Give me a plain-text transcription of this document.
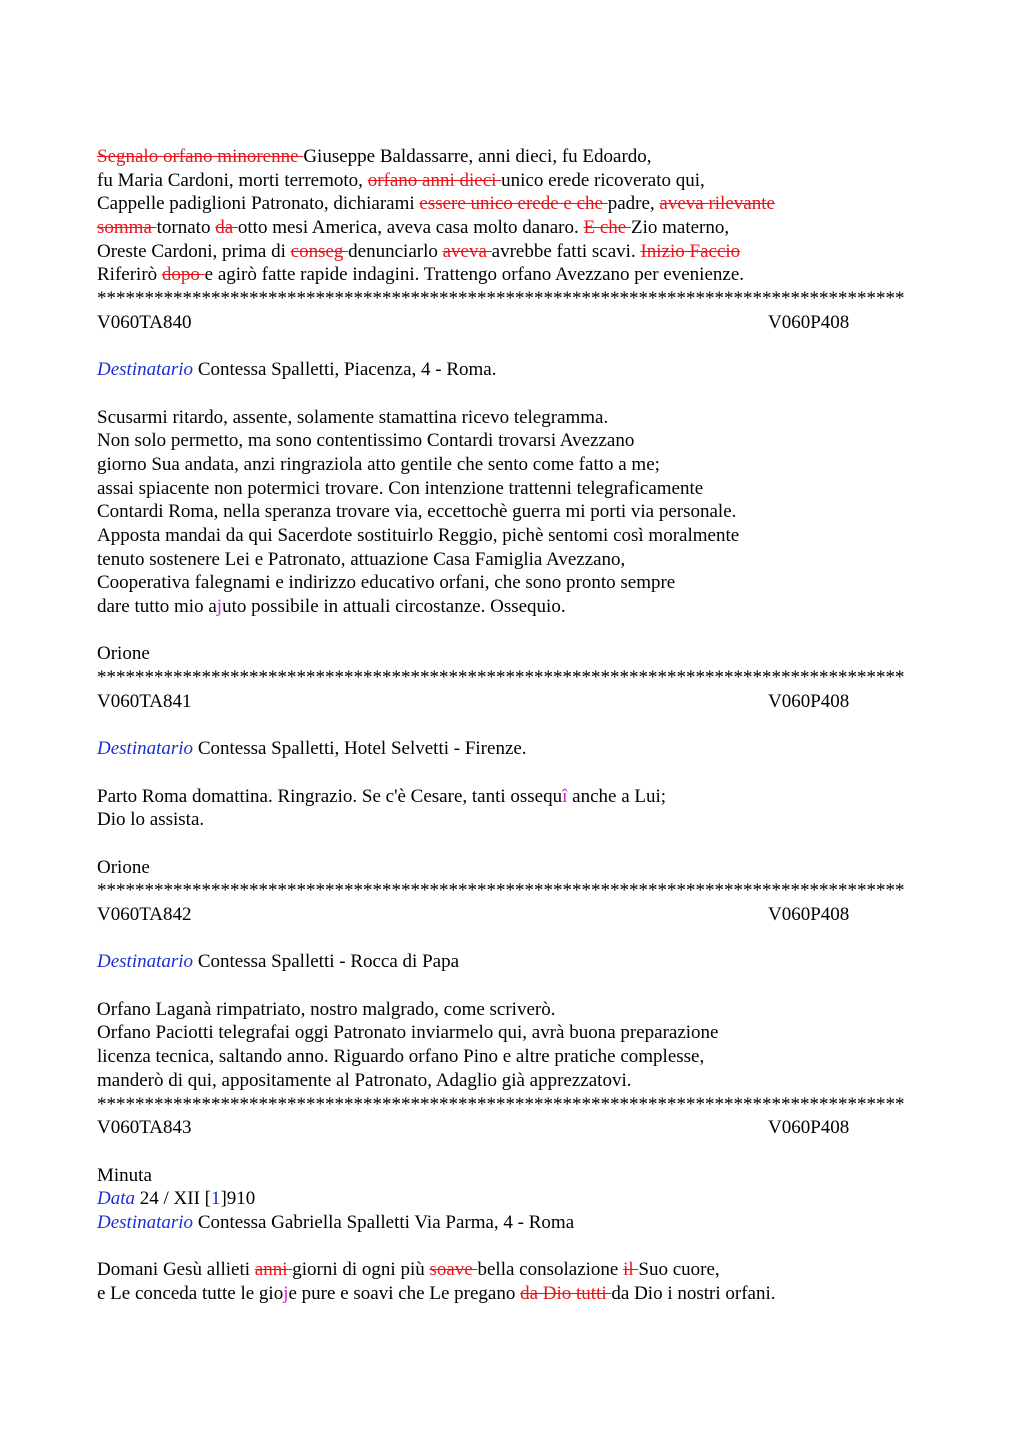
Segnalo orfano minorenne Giuseppe Baldassarre, anni dieci, fu Edoardo,
fu Maria Cardoni, morti terremoto, orfano anni dieci unico erede ricoverato qui,
Cappelle padiglioni Patronato, dichiarami essere unico erede e che padre, aveva rilevante
somma tornato da otto mesi America, aveva casa molto danaro. E che Zio materno,
Oreste Cardoni, prima di conseg denunciarlo aveva avrebbe fatti scavi. Inizio Faccio
Riferirò dopo e agirò fatte rapide indagini. Trattengo orfano Avezzano per evenienze.
*************************************************************************************
V060TA840	V060P408
Destinatario Contessa Spalletti, Piacenza, 4 - Roma.
Scusarmi ritardo, assente, solamente stamattina ricevo telegramma.
Non solo permetto, ma sono contentissimo Contardi trovarsi Avezzano
giorno Sua andata, anzi ringraziola atto gentile che sento come fatto a me;
assai spiacente non potermici trovare. Con intenzione trattenni telegraficamente
Contardi Roma, nella speranza trovare via, eccettochè guerra mi porti via personale.
Apposta mandai da qui Sacerdote sostituirlo Reggio, pichè sentomi così moralmente
tenuto sostenere Lei e Patronato, attuazione Casa Famiglia Avezzano,
Cooperativa falegnami e indirizzo educativo orfani, che sono pronto sempre
dare tutto mio ajuto possibile in attuali circostanze. Ossequio.
Orione
*************************************************************************************
V060TA841	V060P408
Destinatario Contessa Spalletti, Hotel Selvetti - Firenze.
Parto Roma domattina. Ringrazio. Se c'è Cesare, tanti ossequî anche a Lui;
Dio lo assista.
Orione
*************************************************************************************
V060TA842	V060P408
Destinatario Contessa Spalletti - Rocca di Papa
Orfano Laganà rimpatriato, nostro malgrado, come scriverò.
Orfano Paciotti telegrafai oggi Patronato inviarmelo qui, avrà buona preparazione
licenza tecnica, saltando anno. Riguardo orfano Pino e altre pratiche complesse,
manderò di qui, appositamente al Patronato, Adaglio già apprezzatovi.
*************************************************************************************
V060TA843	V060P408
Minuta
Data 24 / XII [1]910
Destinatario Contessa Gabriella Spalletti Via Parma, 4 - Roma
Domani Gesù allieti anni giorni di ogni più soave bella consolazione il Suo cuore,
e Le conceda tutte le gioje pure e soavi che Le pregano da Dio tutti da Dio i nostri orfani.
